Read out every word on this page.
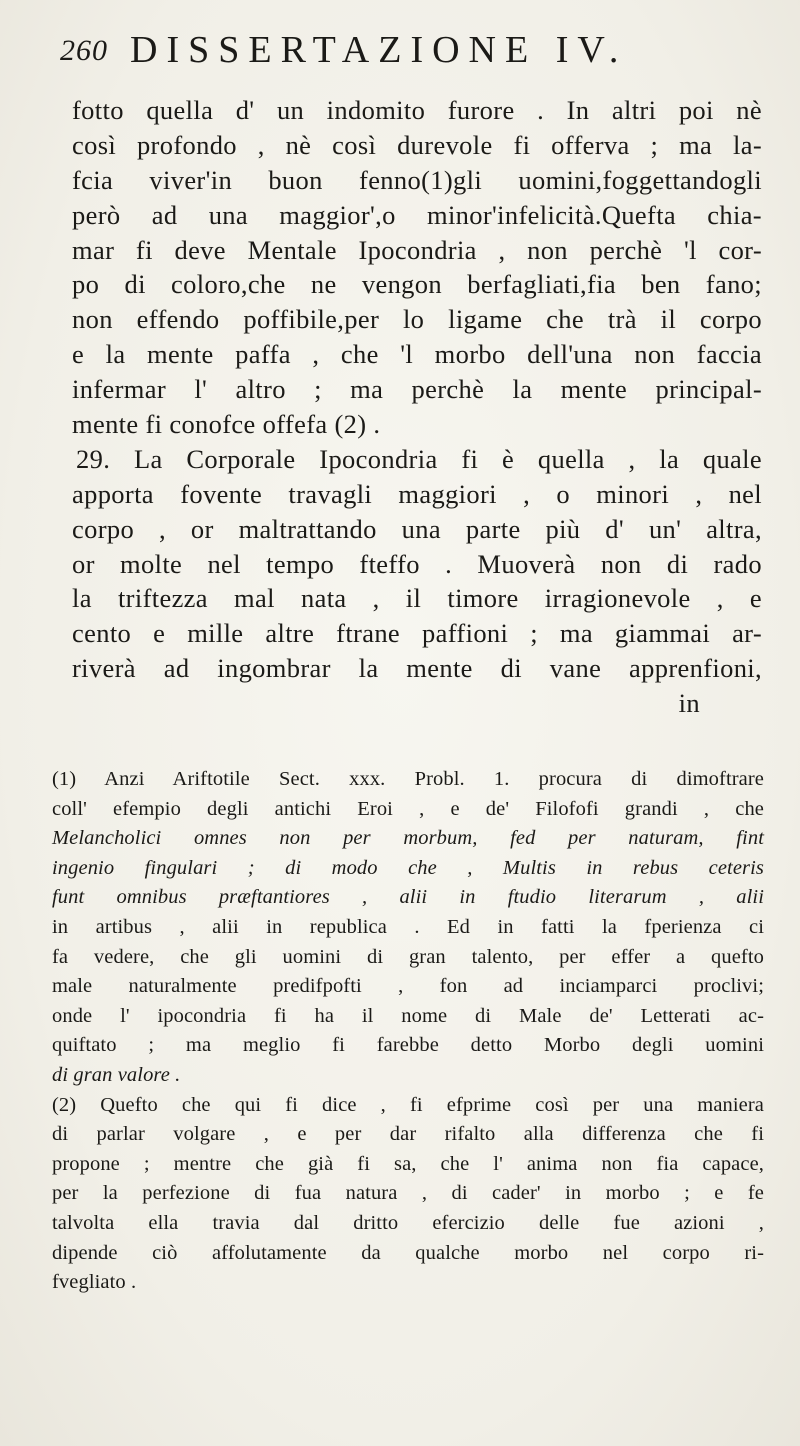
260 DISSERTAZIONE IV.
fotto quella d' un indomito furore . In altri poi nè
così profondo , nè così durevole fi offerva ; ma la-
fcia viver'in buon fenno(1)gli uomini,foggettandogli
però ad una maggior',o minor'infelicità.Quefta chia-
mar fi deve Mentale Ipocondria , non perchè 'l cor-
po di coloro,che ne vengon berfagliati,fia ben fano;
non effendo poffibile,per lo ligame che trà il corpo
e la mente paffa , che 'l morbo dell'una non faccia
infermar l' altro ; ma perchè la mente principal-
mente fi conofce offefa (2) .
29. La Corporale Ipocondria fi è quella , la quale
apporta fovente travagli maggiori , o minori , nel
corpo , or maltrattando una parte più d' un' altra,
or molte nel tempo fteffo . Muoverà non di rado
la triftezza mal nata , il timore irragionevole , e
cento e mille altre ftrane paffioni ; ma giammai ar-
riverà ad ingombrar la mente di vane apprenfioni,
in
(1) Anzi Ariftotile Sect. xxx. Probl. 1. procura di dimoftrare
coll' efempio degli antichi Eroi , e de' Filofofi grandi , che
Melancholici omnes non per morbum, fed per naturam, fint
ingenio fingulari ; di modo che , Multis in rebus ceteris
funt omnibus præftantiores , alii in ftudio literarum , alii
in artibus , alii in republica . Ed in fatti la fperienza ci
fa vedere, che gli uomini di gran talento, per effer a quefto
male naturalmente predifpofti , fon ad inciamparci proclivi;
onde l' ipocondria fi ha il nome di Male de' Letterati ac-
quiftato ; ma meglio fi farebbe detto Morbo degli uomini
di gran valore .
(2) Quefto che qui fi dice , fi efprime così per una maniera
di parlar volgare , e per dar rifalto alla differenza che fi
propone ; mentre che già fi sa, che l' anima non fia capace,
per la perfezione di fua natura , di cader' in morbo ; e fe
talvolta ella travia dal dritto efercizio delle fue azioni ,
dipende ciò affolutamente da qualche morbo nel corpo ri-
fvegliato .
